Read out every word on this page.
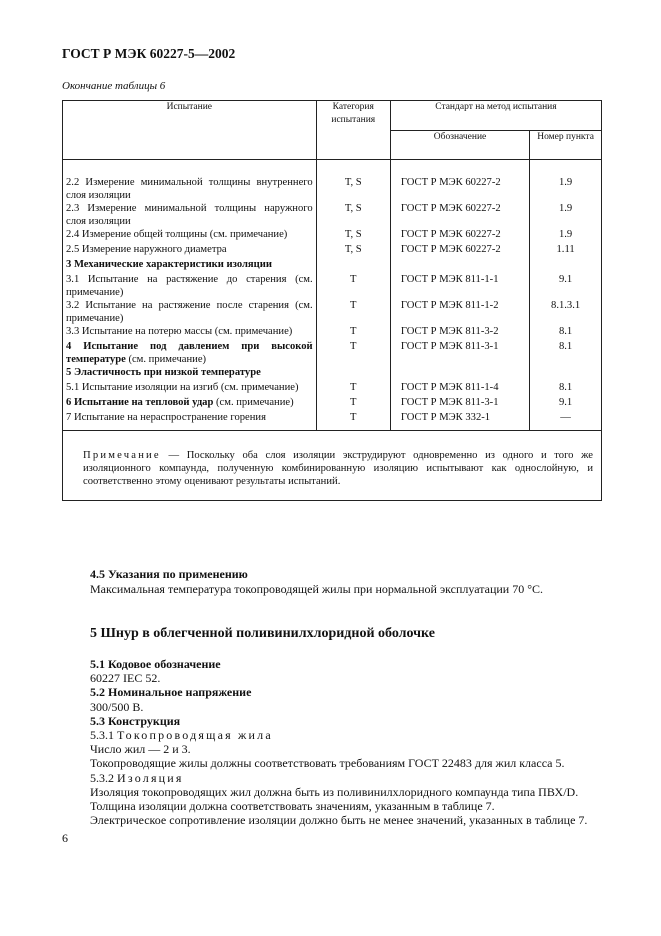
ГОСТ Р МЭК 60227-5—2002
Окончание таблицы 6
Испытание	Категория испытания	Стандарт на метод испытания	
		Обозначение	Номер пункта

2.2 Измерение минимальной толщины внутреннего слоя изоляции	T, S	ГОСТ Р МЭК 60227-2	1.9
2.3 Измерение минимальной толщины наружного слоя изоляции	T, S	ГОСТ Р МЭК 60227-2	1.9
2.4 Измерение общей толщины (см. примечание)	T, S	ГОСТ Р МЭК 60227-2	1.9
2.5 Измерение наружного диаметра	T, S	ГОСТ Р МЭК 60227-2	1.11
3 Механические характеристики изоляции			
3.1 Испытание на растяжение до старения (см. примечание)	T	ГОСТ Р МЭК 811-1-1	9.1
3.2 Испытание на растяжение после старения (см. примечание)	T	ГОСТ Р МЭК 811-1-2	8.1.3.1
3.3 Испытание на потерю массы (см. примечание)	T	ГОСТ Р МЭК 811-3-2	8.1
4 Испытание под давлением при высокой температуре (см. примечание)	T	ГОСТ Р МЭК 811-3-1	8.1
5 Эластичность при низкой температуре			
5.1 Испытание изоляции на изгиб (см. примечание)	T	ГОСТ Р МЭК 811-1-4	8.1
6 Испытание на тепловой удар (см. примечание)	T	ГОСТ Р МЭК 811-3-1	9.1
7 Испытание на нераспространение горения	T	ГОСТ Р МЭК 332-1	—

Примечание — Поскольку оба слоя изоляции экструдируют одновременно из одного и того же изоляционного компаунда, полученную комбинированную изоляцию испытывают как однослойную, и соответственно этому оценивают результаты испытаний.			
4.5 Указания по применению
Максимальная температура токопроводящей жилы при нормальной эксплуатации 70 °С.
5 Шнур в облегченной поливинилхлоридной оболочке
5.1 Кодовое обозначение
60227 IEC 52.
5.2 Номинальное напряжение
300/500 В.
5.3 Конструкция
5.3.1 Токопроводящая жила
Число жил — 2 и 3.
Токопроводящие жилы должны соответствовать требованиям ГОСТ 22483 для жил класса 5.
5.3.2 Изоляция
Изоляция токопроводящих жил должна быть из поливинилхлоридного компаунда типа ПВХ/D.
Толщина изоляции должна соответствовать значениям, указанным в таблице 7.
Электрическое сопротивление изоляции должно быть не менее значений, указанных в таблице 7.
6
